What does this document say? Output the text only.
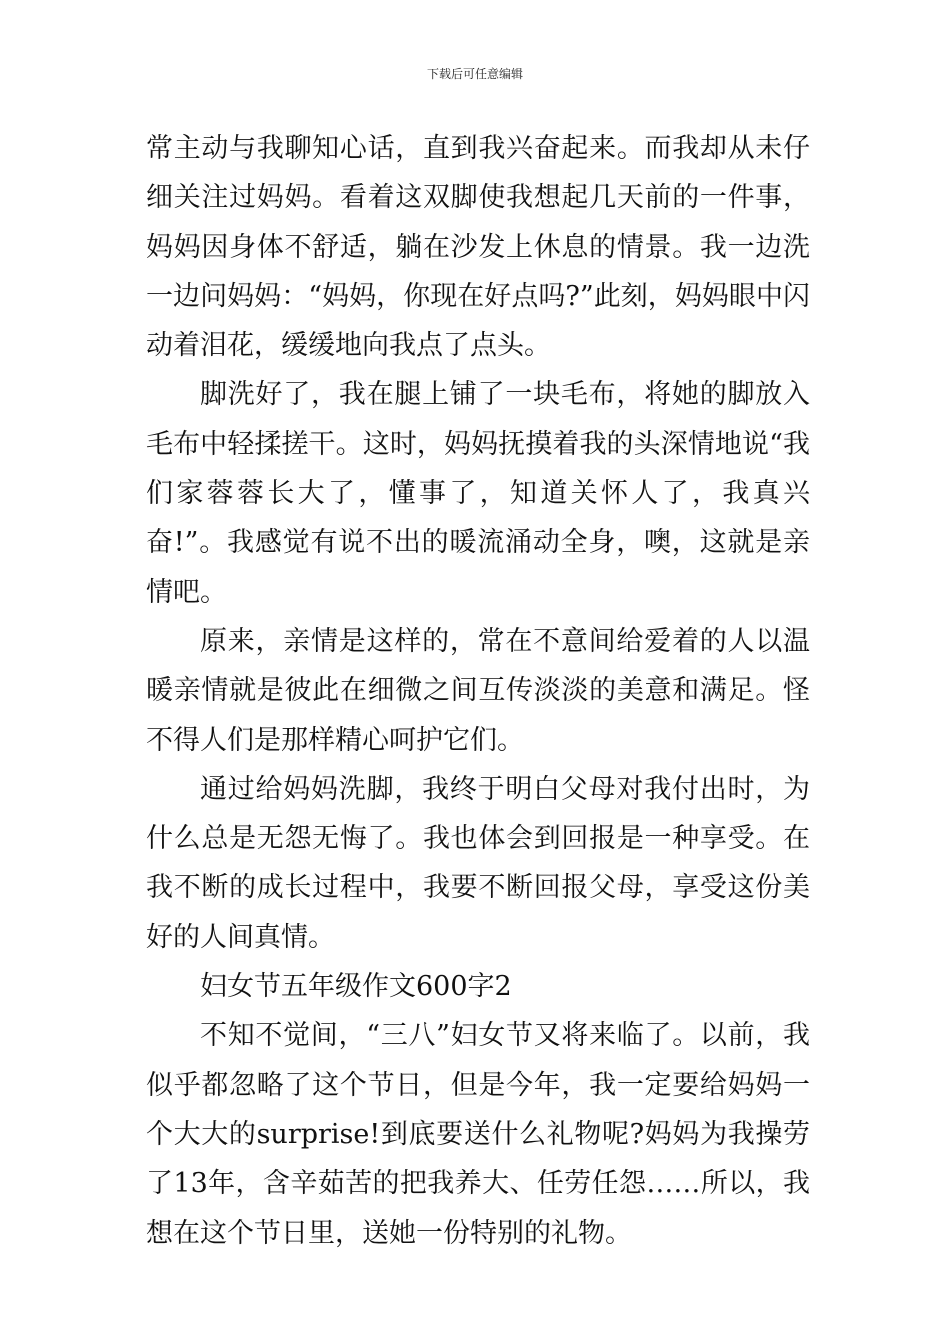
下载后可任意编辑

常主动与我聊知心话，直到我兴奋起来。而我却从未仔细关注过妈妈。看着这双脚使我想起几天前的一件事，妈妈因身体不舒适，躺在沙发上休息的情景。我一边洗一边问妈妈：“妈妈，你现在好点吗?”此刻，妈妈眼中闪动着泪花，缓缓地向我点了点头。

脚洗好了，我在腿上铺了一块毛布，将她的脚放入毛布中轻揉搓干。这时，妈妈抚摸着我的头深情地说“我们家蓉蓉长大了，懂事了，知道关怀人了，我真兴奋!”。我感觉有说不出的暖流涌动全身，噢，这就是亲情吧。

原来，亲情是这样的，常在不意间给爱着的人以温暖亲情就是彼此在细微之间互传淡淡的美意和满足。怪不得人们是那样精心呵护它们。

通过给妈妈洗脚，我终于明白父母对我付出时，为什么总是无怨无悔了。我也体会到回报是一种享受。在我不断的成长过程中，我要不断回报父母，享受这份美好的人间真情。

妇女节五年级作文600字2

不知不觉间，“三八”妇女节又将来临了。以前，我似乎都忽略了这个节日，但是今年，我一定要给妈妈一个大大的surprise!到底要送什么礼物呢?妈妈为我操劳了13年，含辛茹苦的把我养大、任劳任怨……所以，我想在这个节日里，送她一份特别的礼物。
